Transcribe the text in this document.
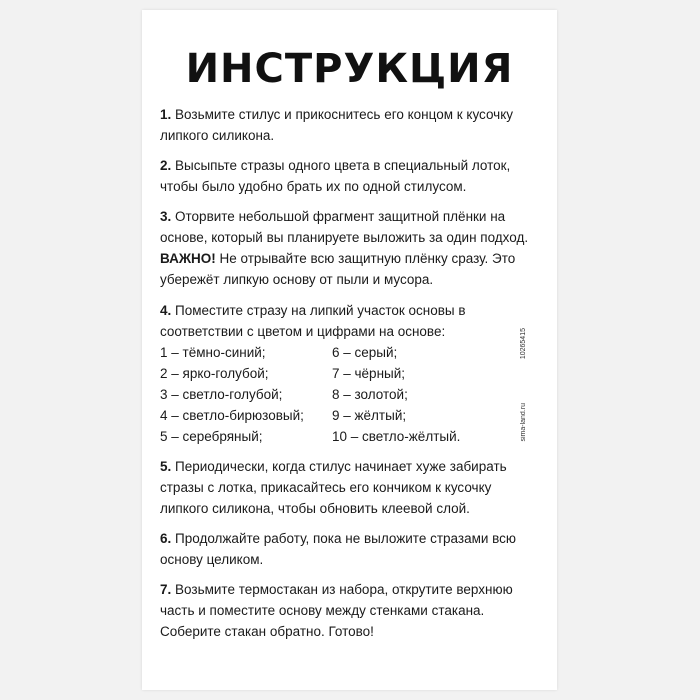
ИНСТРУКЦИЯ

1. Возьмите стилус и прикоснитесь его концом к кусочку липкого силикона.

2. Высыпьте стразы одного цвета в специальный лоток, чтобы было удобно брать их по одной стилусом.

3. Оторвите небольшой фрагмент защитной плёнки на основе, который вы планируете выложить за один подход.

ВАЖНО! Не отрывайте всю защитную плёнку сразу. Это убережёт липкую основу от пыли и мусора.

4. Поместите стразу на липкий участок основы в соответствии с цветом и цифрами на основе:

1 – тёмно-синий;	6 – серый;
2 – ярко-голубой;	7 – чёрный;
3 – светло-голубой;	8 – золотой;
4 – светло-бирюзовый;	9 – жёлтый;
5 – серебряный;	10 – светло-жёлтый.

5. Периодически, когда стилус начинает хуже забирать стразы с лотка, прикасайтесь его кончиком к кусочку липкого силикона, чтобы обновить клеевой слой.

6. Продолжайте работу, пока не выложите стразами всю основу целиком.

7. Возьмите термостакан из набора, открутите верхнюю часть и поместите основу между стенками стакана. Соберите стакан обратно. Готово!

10265415
sima-land.ru
